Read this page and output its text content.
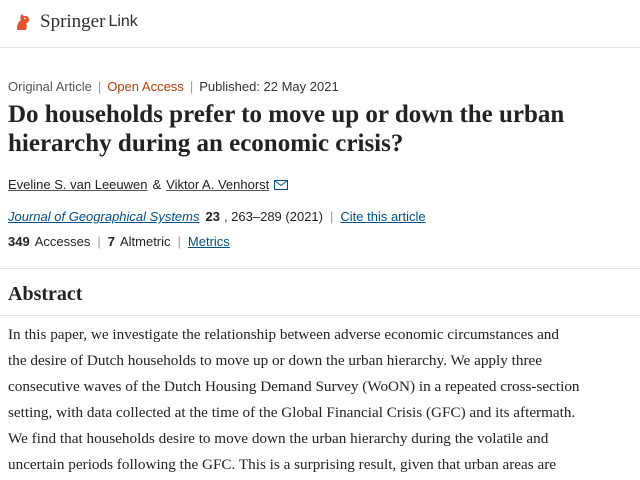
Springer Link
Original Article | Open Access | Published: 22 May 2021
Do households prefer to move up or down the urban hierarchy during an economic crisis?
Eveline S. van Leeuwen & Viktor A. Venhorst
Journal of Geographical Systems 23 , 263–289 (2021) | Cite this article
349 Accesses | 7 Altmetric | Metrics
Abstract
In this paper, we investigate the relationship between adverse economic circumstances and
the desire of Dutch households to move up or down the urban hierarchy. We apply three
consecutive waves of the Dutch Housing Demand Survey (WoON) in a repeated cross-section
setting, with data collected at the time of the Global Financial Crisis (GFC) and its aftermath.
We find that households desire to move down the urban hierarchy during the volatile and
uncertain periods following the GFC. This is a surprising result, given that urban areas are
